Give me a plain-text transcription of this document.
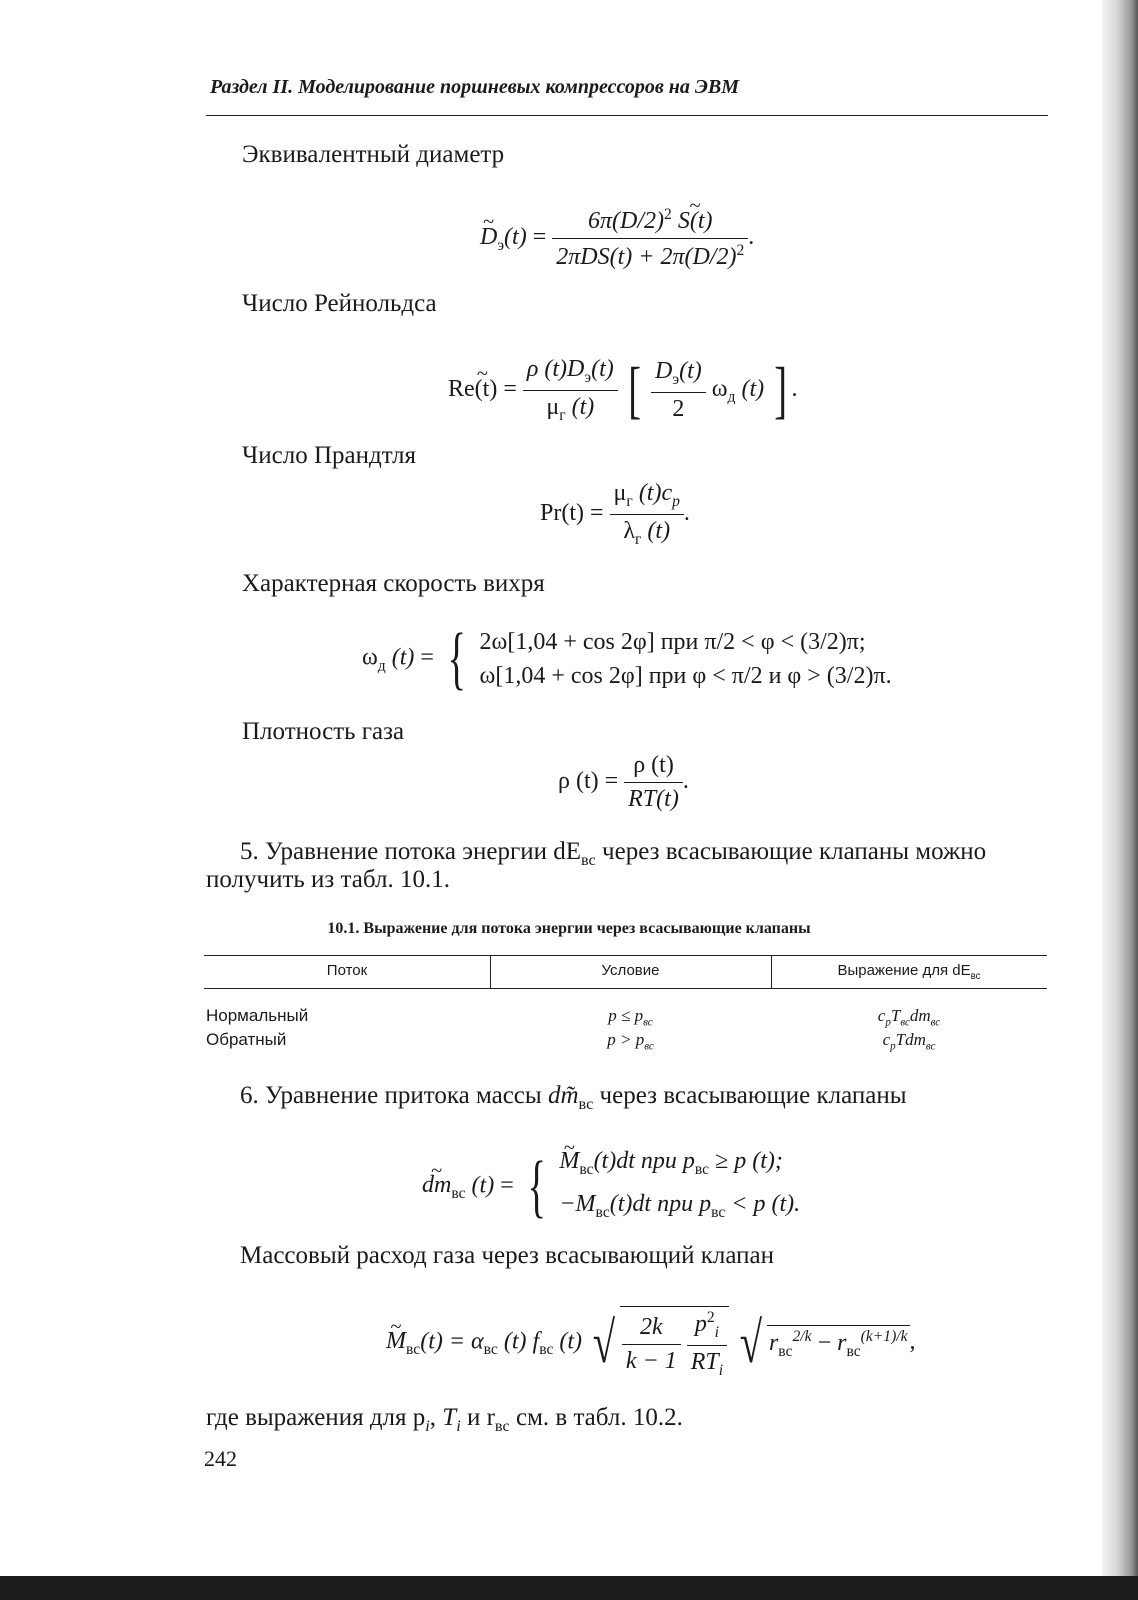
Раздел II. Моделирование поршневых компрессоров на ЭВМ
Эквивалентный диаметр
~ $D_э(t) = \frac{6\pi(D/2)^2 \sim S(t)}{2\pi DS(t) + 2\pi(D/2)^2}$ .
Число Рейнольдса
~ $Re(t) = \frac{\rho (t)D_э(t)}{\mu_г (t)}$ [ $\frac{D_э(t)}{2} \omega_д$ (t) ] .
Число Прандтля
$Pr(t) = \frac{\mu_г (t)c_p}{\lambda_г (t)}$ .
Характерная скорость вихря
$\omega_д$ (t) = { 2ω[1,04 + cos 2φ] при π/2 < φ < (3/2)π;
ω[1,04 + cos 2φ] при φ < π/2 и φ > (3/2)π.
Плотность газа
ρ $(t) = \frac{\rho (t)}{RT(t)}$ .
5. Уравнение потока энергии $dE_{вс}$ через всасывающие клапаны можно
получить из табл. 10.1.
10.1. Выражение для потока энергии через всасывающие клапаны
Поток	Условие	Выражение для $dE_{вс}$
Нормальный	$p \le p_{вс}$	$c_pT_{вс}dm_{вс}$
Обратный	$p > p_{вс}$	$c_pTdm_{вс}$
6. Уравнение притока массы $dm̃_{вс}$ через всасывающие клапаны
~ $dm_{вс}$ (t) = { ~ $M_{вс}(t)dt$ при $p_{вс} \ge p$ (t);
$-M_{вс}(t)dt$ при $p_{вс} < p$ (t).
Массовый расход газа через всасывающий клапан
~ $M_{вс}(t) = \alpha_{вс}$ (t) $f_{вс}$ (t) √ $\frac{2k}{k - 1}$
$\frac{p^2_i}{RT_i}$ √ $r_{вс}^{2/k} - r_{вс}^{(k+1)/k}$,
где выражения для $p_i$, $T_i$ и $r_{вс}$ см. в табл. 10.2.
242
